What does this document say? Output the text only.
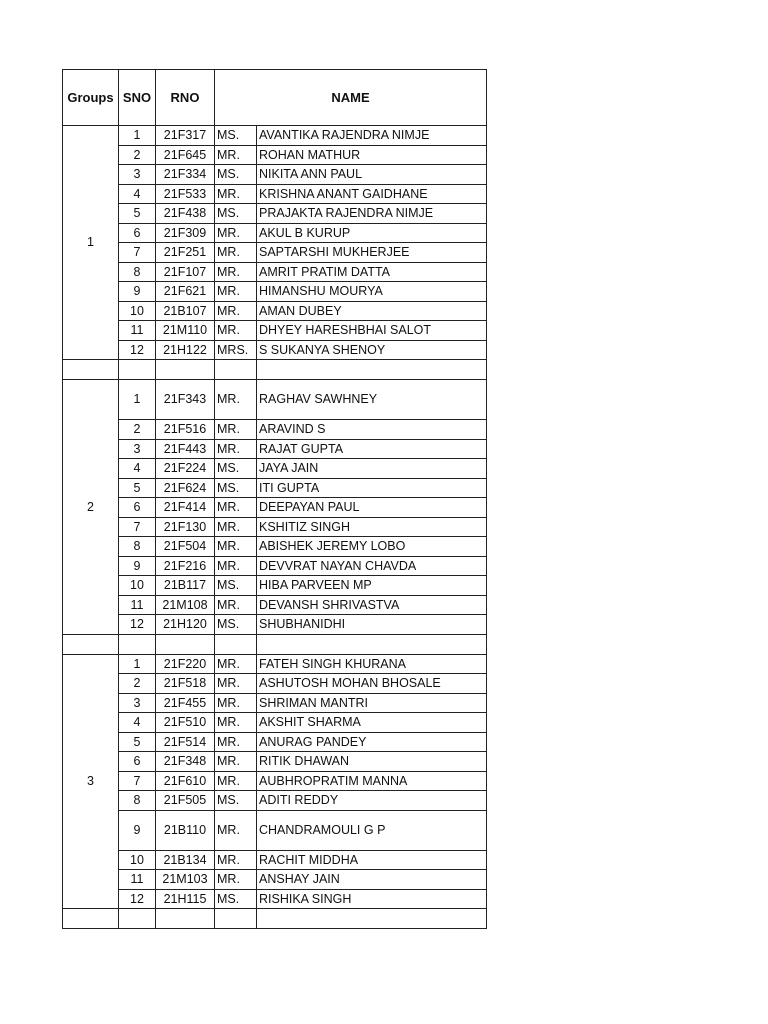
Groups	SNO	RNO	NAME	
1	1	21F317	MS.	AVANTIKA RAJENDRA NIMJE
	2	21F645	MR.	ROHAN MATHUR
	3	21F334	MS.	NIKITA ANN PAUL
	4	21F533	MR.	KRISHNA ANANT GAIDHANE
	5	21F438	MS.	PRAJAKTA RAJENDRA NIMJE
	6	21F309	MR.	AKUL B KURUP
	7	21F251	MR.	SAPTARSHI MUKHERJEE
	8	21F107	MR.	AMRIT PRATIM DATTA
	9	21F621	MR.	HIMANSHU MOURYA
	10	21B107	MR.	AMAN DUBEY
	11	21M110	MR.	DHYEY HARESHBHAI SALOT
	12	21H122	MRS.	S SUKANYA SHENOY

2	1	21F343	MR.	RAGHAV SAWHNEY
	2	21F516	MR.	ARAVIND S
	3	21F443	MR.	RAJAT GUPTA
	4	21F224	MS.	JAYA JAIN
	5	21F624	MS.	ITI GUPTA
	6	21F414	MR.	DEEPAYAN PAUL
	7	21F130	MR.	KSHITIZ SINGH
	8	21F504	MR.	ABISHEK JEREMY LOBO
	9	21F216	MR.	DEVVRAT NAYAN CHAVDA
	10	21B117	MS.	HIBA PARVEEN MP
	11	21M108	MR.	DEVANSH SHRIVASTVA
	12	21H120	MS.	SHUBHANIDHI

3	1	21F220	MR.	FATEH SINGH KHURANA
	2	21F518	MR.	ASHUTOSH MOHAN BHOSALE
	3	21F455	MR.	SHRIMAN MANTRI
	4	21F510	MR.	AKSHIT SHARMA
	5	21F514	MR.	ANURAG PANDEY
	6	21F348	MR.	RITIK DHAWAN
	7	21F610	MR.	AUBHROPRATIM MANNA
	8	21F505	MS.	ADITI REDDY
	9	21B110	MR.	CHANDRAMOULI G P
	10	21B134	MR.	RACHIT MIDDHA
	11	21M103	MR.	ANSHAY JAIN
	12	21H115	MS.	RISHIKA SINGH
